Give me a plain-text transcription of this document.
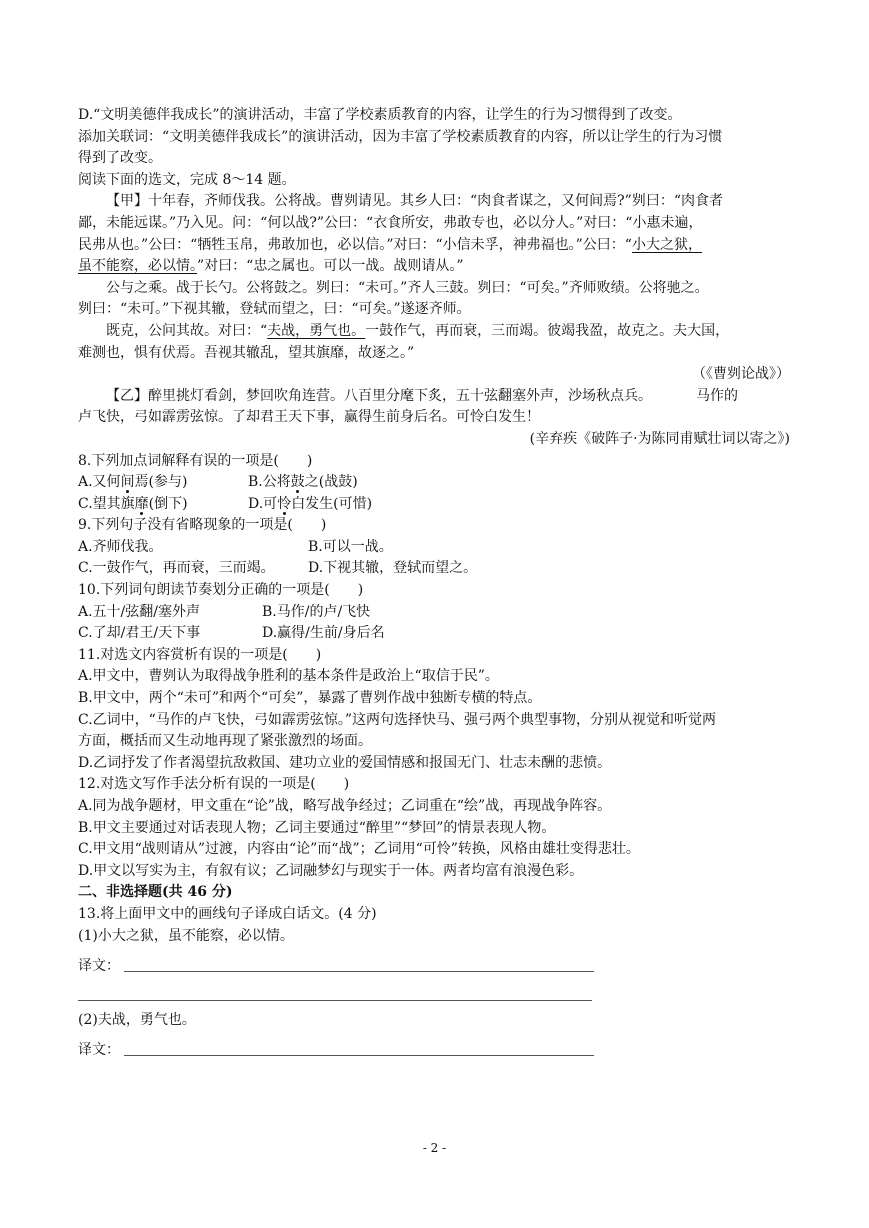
D.“文明美德伴我成长”的演讲活动，丰富了学校素质教育的内容，让学生的行为习惯得到了改变。
添加关联词：“文明美德伴我成长”的演讲活动，因为丰富了学校素质教育的内容，所以让学生的行为习惯
得到了改变。
阅读下面的选文，完成 8～14 题。
【甲】十年春，齐师伐我。公将战。曹刿请见。其乡人曰：“肉食者谋之，又何间焉?”刿曰：“肉食者
鄙，未能远谋。”乃入见。问：“何以战?”公曰：“衣食所安，弗敢专也，必以分人。”对曰：“小惠未遍，
民弗从也。”公曰：“牺牲玉帛，弗敢加也，必以信。”对曰：“小信未孚，神弗福也。”公曰：“小大之狱，
虽不能察，必以情。”对曰：“忠之属也。可以一战。战则请从。”
公与之乘。战于长勺。公将鼓之。刿曰：“未可。”齐人三鼓。刿曰：“可矣。”齐师败绩。公将驰之。
刿曰：“未可。”下视其辙，登轼而望之，曰：“可矣。”遂逐齐师。
既克，公问其故。对曰：“夫战，勇气也。一鼓作气，再而衰，三而竭。彼竭我盈，故克之。夫大国，
难测也，惧有伏焉。吾视其辙乱，望其旗靡，故逐之。”
（《曹刿论战》）
【乙】醉里挑灯看剑，梦回吹角连营。八百里分麾下炙，五十弦翻塞外声，沙场秋点兵。	马作的
卢飞快，弓如霹雳弦惊。了却君王天下事，赢得生前身后名。可怜白发生！
(辛弃疾《破阵子·为陈同甫赋壮词以寄之》)
8.下列加点词解释有误的一项是(　　)
A.又何间焉(参与)	B.公将鼓之(战鼓)
C.望其旗靡(倒下)	D.可怜白发生(可惜)
9.下列句子没有省略现象的一项是(　　)
A.齐师伐我。	B.可以一战。
C.一鼓作气，再而衰，三而竭。 D.下视其辙，登轼而望之。
10.下列词句朗读节奏划分正确的一项是(　　)
A.五十/弦翻/塞外声	B.马作/的卢/飞快
C.了却/君王/天下事	D.赢得/生前/身后名
11.对选文内容赏析有误的一项是(　　)
A.甲文中，曹刿认为取得战争胜利的基本条件是政治上“取信于民”。
B.甲文中，两个“未可”和两个“可矣”，暴露了曹刿作战中独断专横的特点。
C.乙词中，“马作的卢飞快，弓如霹雳弦惊。”这两句选择快马、强弓两个典型事物，分别从视觉和听觉两
方面，概括而又生动地再现了紧张激烈的场面。
D.乙词抒发了作者渴望抗敌救国、建功立业的爱国情感和报国无门、壮志未酬的悲愤。
12.对选文写作手法分析有误的一项是(　　)
A.同为战争题材，甲文重在“论”战，略写战争经过；乙词重在“绘”战，再现战争阵容。
B.甲文主要通过对话表现人物；乙词主要通过“醉里”“梦回”的情景表现人物。
C.甲文用“战则请从”过渡，内容由“论”而“战”；乙词用“可怜”转换，风格由雄壮变得悲壮。
D.甲文以写实为主，有叙有议；乙词融梦幻与现实于一体。两者均富有浪漫色彩。
二、非选择题(共 46 分)
13.将上面甲文中的画线句子译成白话文。(4 分)
(1)小大之狱，虽不能察，必以情。
译文：
(2)夫战，勇气也。
译文：
- 2 -
